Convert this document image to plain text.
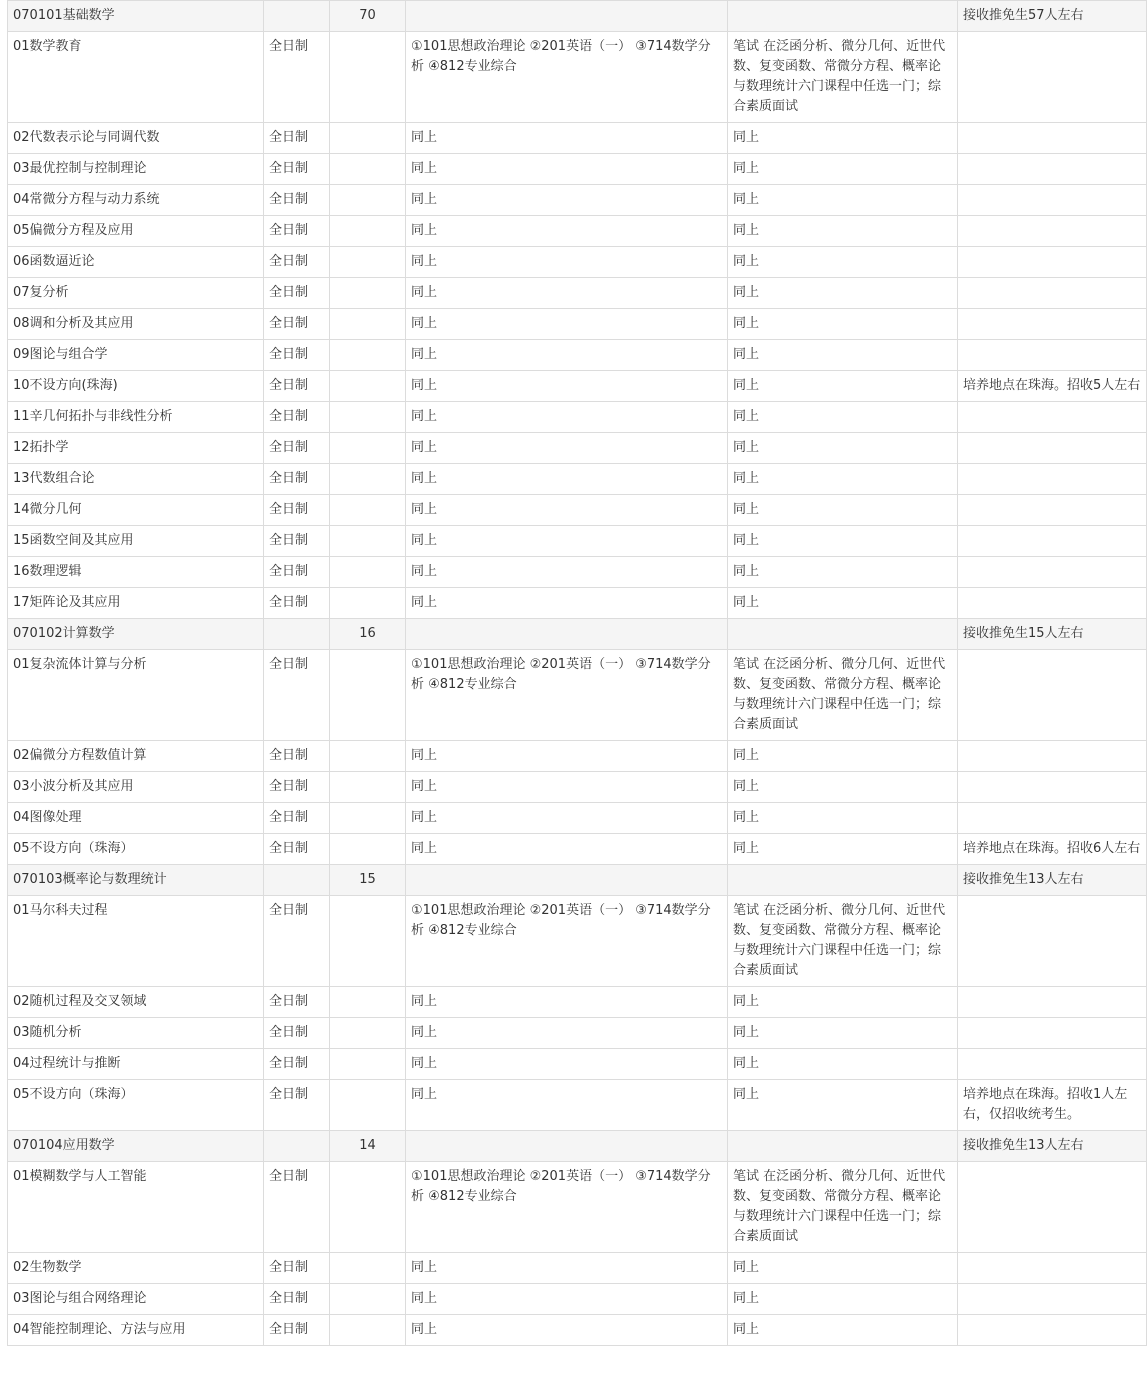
070101基础数学		70			接收推免生57人左右
01数学教育	全日制		①101思想政治理论 ②201英语（一） ③714数学分析 ④812专业综合	笔试 在泛函分析、微分几何、近世代数、复变函数、常微分方程、概率论与数理统计六门课程中任选一门；综合素质面试	
02代数表示论与同调代数	全日制		同上	同上	
03最优控制与控制理论	全日制		同上	同上	
04常微分方程与动力系统	全日制		同上	同上	
05偏微分方程及应用	全日制		同上	同上	
06函数逼近论	全日制		同上	同上	
07复分析	全日制		同上	同上	
08调和分析及其应用	全日制		同上	同上	
09图论与组合学	全日制		同上	同上	
10不设方向(珠海)	全日制		同上	同上	培养地点在珠海。招收5人左右
11辛几何拓扑与非线性分析	全日制		同上	同上	
12拓扑学	全日制		同上	同上	
13代数组合论	全日制		同上	同上	
14微分几何	全日制		同上	同上	
15函数空间及其应用	全日制		同上	同上	
16数理逻辑	全日制		同上	同上	
17矩阵论及其应用	全日制		同上	同上	
070102计算数学		16			接收推免生15人左右
01复杂流体计算与分析	全日制		①101思想政治理论 ②201英语（一） ③714数学分析 ④812专业综合	笔试 在泛函分析、微分几何、近世代数、复变函数、常微分方程、概率论与数理统计六门课程中任选一门；综合素质面试	
02偏微分方程数值计算	全日制		同上	同上	
03小波分析及其应用	全日制		同上	同上	
04图像处理	全日制		同上	同上	
05不设方向（珠海）	全日制		同上	同上	培养地点在珠海。招收6人左右
070103概率论与数理统计		15			接收推免生13人左右
01马尔科夫过程	全日制		①101思想政治理论 ②201英语（一） ③714数学分析 ④812专业综合	笔试 在泛函分析、微分几何、近世代数、复变函数、常微分方程、概率论与数理统计六门课程中任选一门；综合素质面试	
02随机过程及交叉领域	全日制		同上	同上	
03随机分析	全日制		同上	同上	
04过程统计与推断	全日制		同上	同上	
05不设方向（珠海）	全日制		同上	同上	培养地点在珠海。招收1人左右，仅招收统考生。
070104应用数学		14			接收推免生13人左右
01模糊数学与人工智能	全日制		①101思想政治理论 ②201英语（一） ③714数学分析 ④812专业综合	笔试 在泛函分析、微分几何、近世代数、复变函数、常微分方程、概率论与数理统计六门课程中任选一门；综合素质面试	
02生物数学	全日制		同上	同上	
03图论与组合网络理论	全日制		同上	同上	
04智能控制理论、方法与应用	全日制		同上	同上	
